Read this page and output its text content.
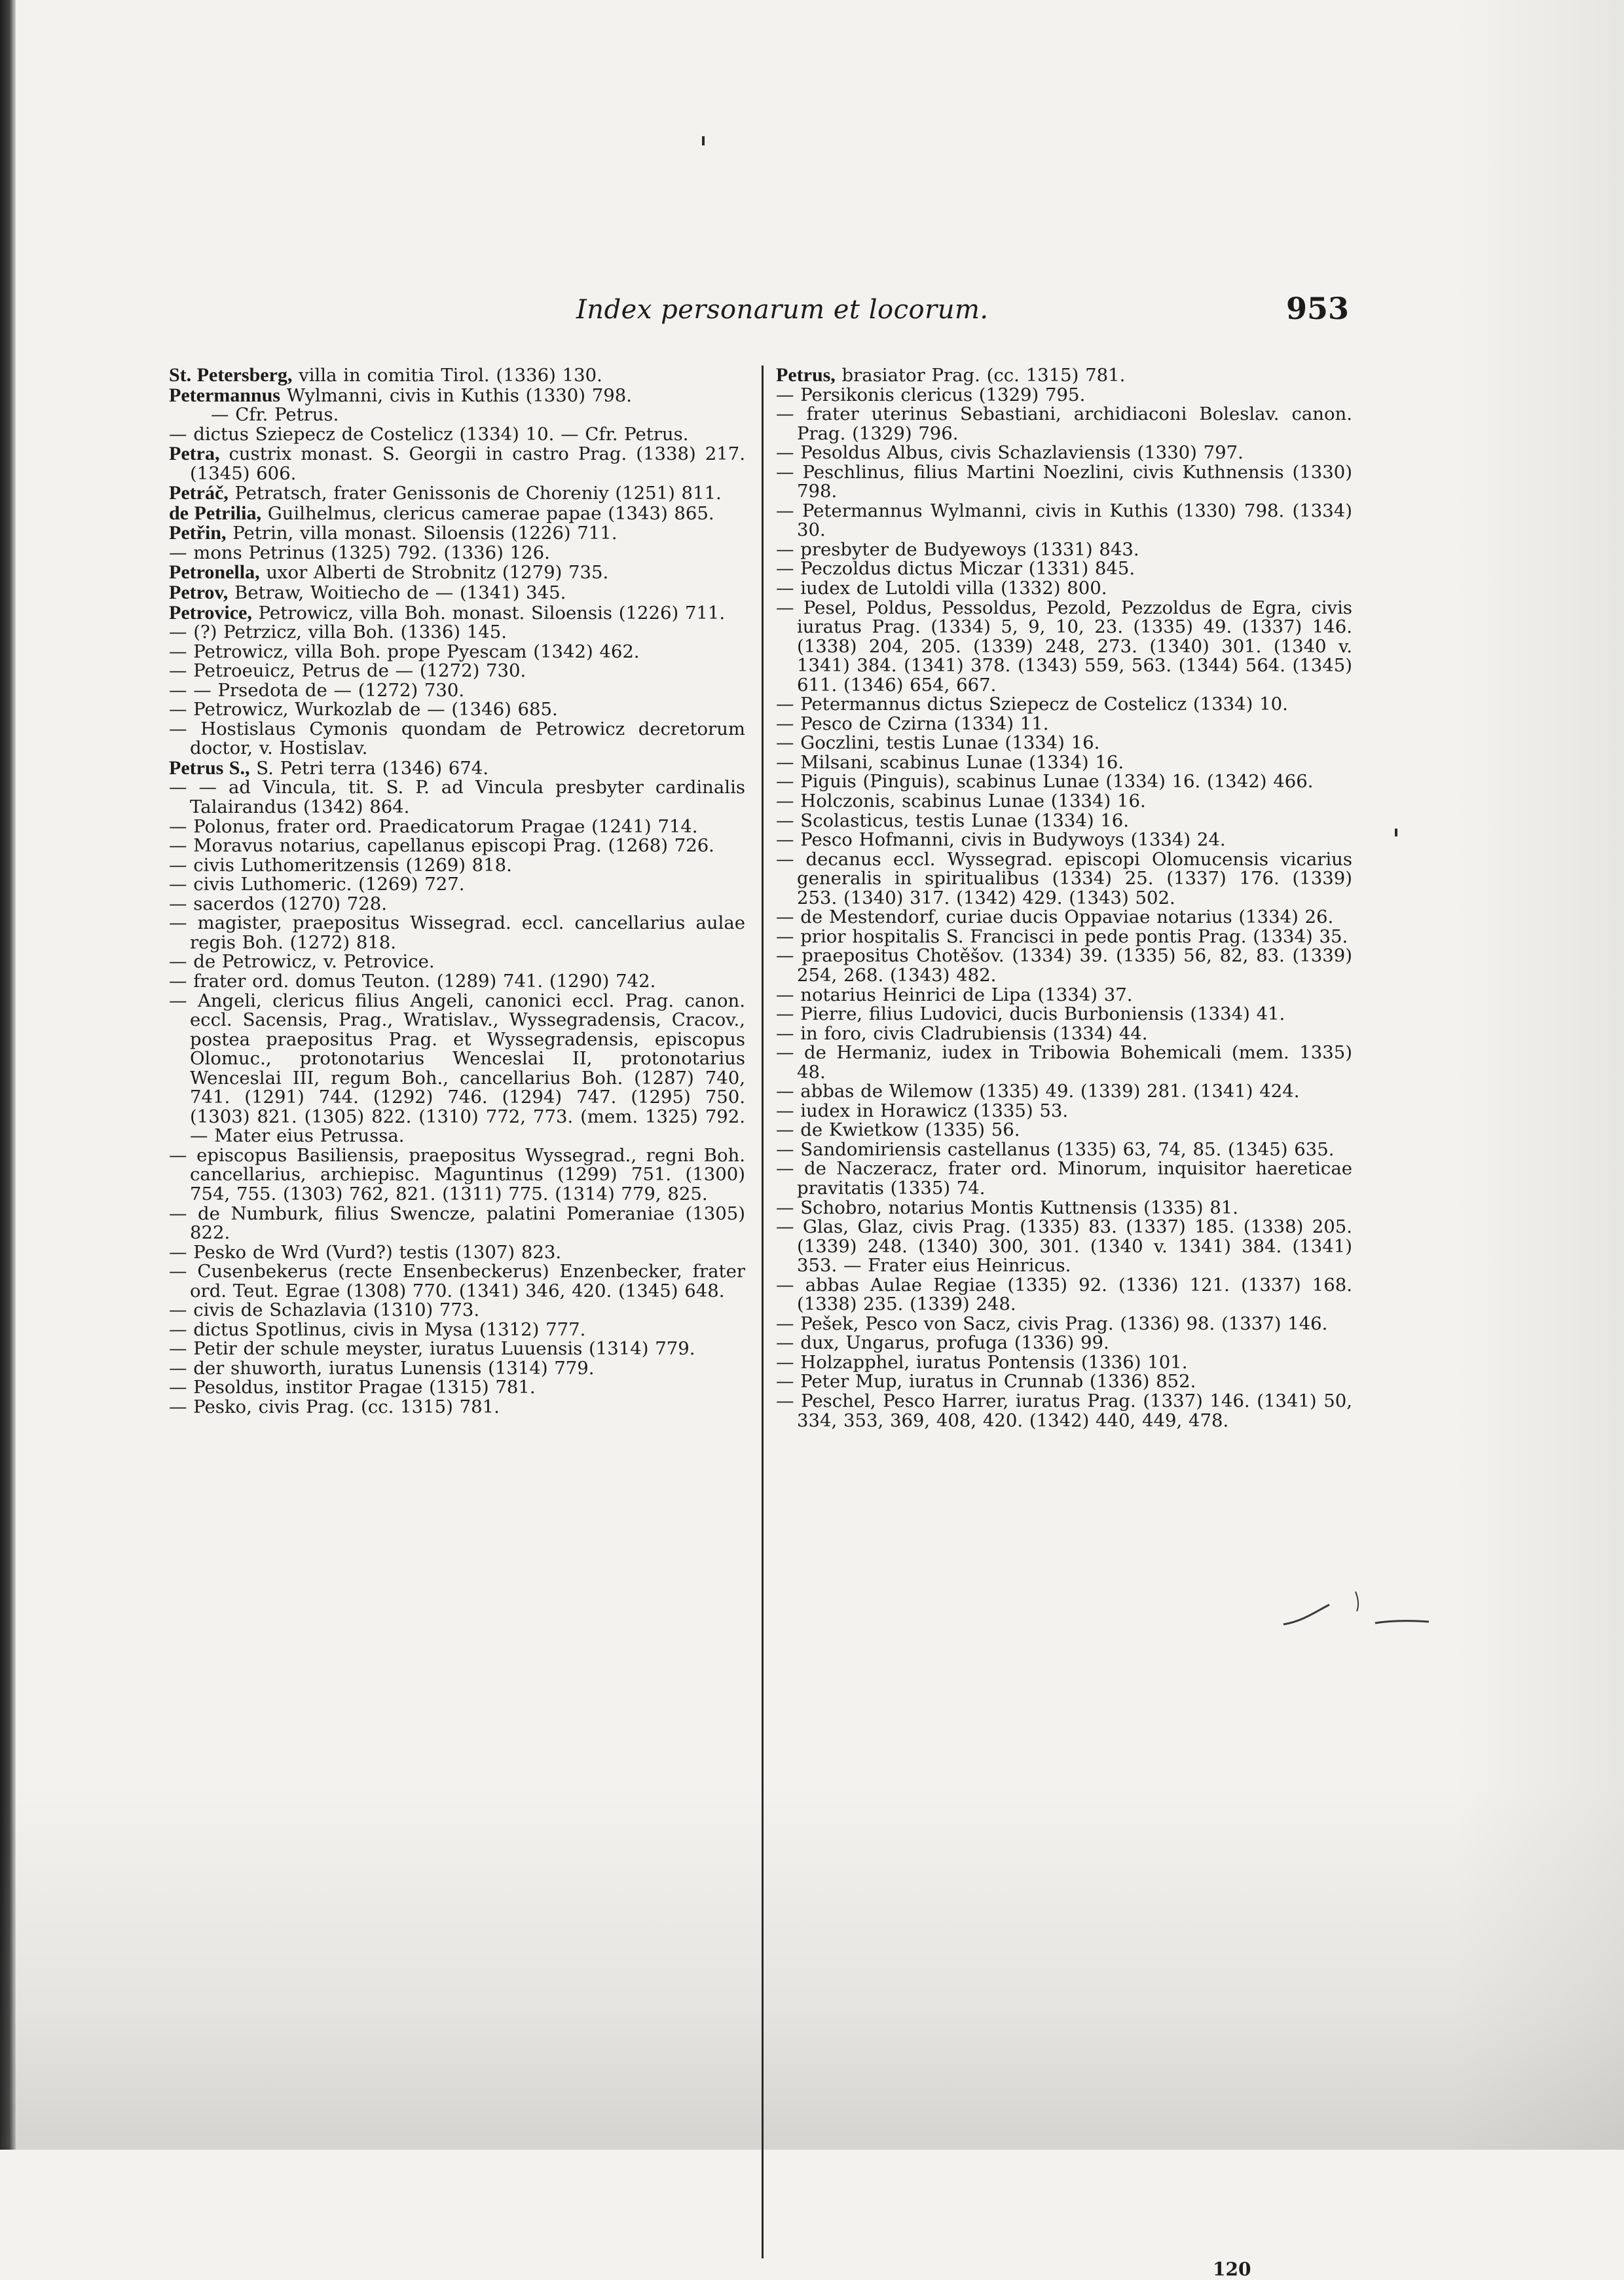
Index personarum et locorum.	953

St. Petersberg, villa in comitia Tirol. (1336) 130.

Petermannus Wylmanni, civis in Kuthis (1330) 798.

— Cfr. Petrus.

— dictus Sziepecz de Costelicz (1334) 10. — Cfr. Petrus.

Petra, custrix monast. S. Georgii in castro Prag. (1338) 217. (1345) 606.

Petráč, Petratsch, frater Genissonis de Choreniy (1251) 811.

de Petrilia, Guilhelmus, clericus camerae papae (1343) 865.

Petřin, Petrin, villa monast. Siloensis (1226) 711.

— mons Petrinus (1325) 792. (1336) 126.

Petronella, uxor Alberti de Strobnitz (1279) 735.

Petrov, Betraw, Woitiecho de — (1341) 345.

Petrovice, Petrowicz, villa Boh. monast. Siloensis (1226) 711.

— (?) Petrzicz, villa Boh. (1336) 145.

— Petrowicz, villa Boh. prope Pyescam (1342) 462.

— Petroeuicz, Petrus de — (1272) 730.

— — Prsedota de — (1272) 730.

— Petrowicz, Wurkozlab de — (1346) 685.

— Hostislaus Cymonis quondam de Petrowicz decretorum doctor, v. Hostislav.

Petrus S., S. Petri terra (1346) 674.

— — ad Vincula, tit. S. P. ad Vincula presbyter cardinalis Talairandus (1342) 864.

— Polonus, frater ord. Praedicatorum Pragae (1241) 714.

— Moravus notarius, capellanus episcopi Prag. (1268) 726.

— civis Luthomeritzensis (1269) 818.

— civis Luthomeric. (1269) 727.

— sacerdos (1270) 728.

— magister, praepositus Wissegrad. eccl. cancellarius aulae regis Boh. (1272) 818.

— de Petrowicz, v. Petrovice.

— frater ord. domus Teuton. (1289) 741. (1290) 742.

— Angeli, clericus filius Angeli, canonici eccl. Prag. canon. eccl. Sacensis, Prag., Wratislav., Wyssegradensis, Cracov., postea praepositus Prag. et Wyssegradensis, episcopus Olomuc., protonotarius Wenceslai II, protonotarius Wenceslai III, regum Boh., cancellarius Boh. (1287) 740, 741. (1291) 744. (1292) 746. (1294) 747. (1295) 750. (1303) 821. (1305) 822. (1310) 772, 773. (mem. 1325) 792. — Mater eius Petrussa.

— episcopus Basiliensis, praepositus Wyssegrad., regni Boh. cancellarius, archiepisc. Maguntinus (1299) 751. (1300) 754, 755. (1303) 762, 821. (1311) 775. (1314) 779, 825.

— de Numburk, filius Swencze, palatini Pomeraniae (1305) 822.

— Pesko de Wrd (Vurd?) testis (1307) 823.

— Cusenbekerus (recte Ensenbeckerus) Enzenbecker, frater ord. Teut. Egrae (1308) 770. (1341) 346, 420. (1345) 648.

— civis de Schazlavia (1310) 773.

— dictus Spotlinus, civis in Mysa (1312) 777.

— Petir der schule meyster, iuratus Luuensis (1314) 779.

— der shuworth, iuratus Lunensis (1314) 779.

— Pesoldus, institor Pragae (1315) 781.

— Pesko, civis Prag. (cc. 1315) 781.

Petrus, brasiator Prag. (cc. 1315) 781.

— Persikonis clericus (1329) 795.

— frater uterinus Sebastiani, archidiaconi Boleslav. canon. Prag. (1329) 796.

— Pesoldus Albus, civis Schazlaviensis (1330) 797.

— Peschlinus, filius Martini Noezlini, civis Kuthnensis (1330) 798.

— Petermannus Wylmanni, civis in Kuthis (1330) 798. (1334) 30.

— presbyter de Budyewoys (1331) 843.

— Peczoldus dictus Miczar (1331) 845.

— iudex de Lutoldi villa (1332) 800.

— Pesel, Poldus, Pessoldus, Pezold, Pezzoldus de Egra, civis iuratus Prag. (1334) 5, 9, 10, 23. (1335) 49. (1337) 146. (1338) 204, 205. (1339) 248, 273. (1340) 301. (1340 v. 1341) 384. (1341) 378. (1343) 559, 563. (1344) 564. (1345) 611. (1346) 654, 667.

— Petermannus dictus Sziepecz de Costelicz (1334) 10.

— Pesco de Czirna (1334) 11.

— Goczlini, testis Lunae (1334) 16.

— Milsani, scabinus Lunae (1334) 16.

— Piguis (Pinguis), scabinus Lunae (1334) 16. (1342) 466.

— Holczonis, scabinus Lunae (1334) 16.

— Scolasticus, testis Lunae (1334) 16.

— Pesco Hofmanni, civis in Budywoys (1334) 24.

— decanus eccl. Wyssegrad. episcopi Olomucensis vicarius generalis in spiritualibus (1334) 25. (1337) 176. (1339) 253. (1340) 317. (1342) 429. (1343) 502.

— de Mestendorf, curiae ducis Oppaviae notarius (1334) 26.

— prior hospitalis S. Francisci in pede pontis Prag. (1334) 35.

— praepositus Chotěšov. (1334) 39. (1335) 56, 82, 83. (1339) 254, 268. (1343) 482.

— notarius Heinrici de Lipa (1334) 37.

— Pierre, filius Ludovici, ducis Burboniensis (1334) 41.

— in foro, civis Cladrubiensis (1334) 44.

— de Hermaniz, iudex in Tribowia Bohemicali (mem. 1335) 48.

— abbas de Wilemow (1335) 49. (1339) 281. (1341) 424.

— iudex in Horawicz (1335) 53.

— de Kwietkow (1335) 56.

— Sandomiriensis castellanus (1335) 63, 74, 85. (1345) 635.

— de Naczeracz, frater ord. Minorum, inquisitor haereticae pravitatis (1335) 74.

— Schobro, notarius Montis Kuttnensis (1335) 81.

— Glas, Glaz, civis Prag. (1335) 83. (1337) 185. (1338) 205. (1339) 248. (1340) 300, 301. (1340 v. 1341) 384. (1341) 353. — Frater eius Heinricus.

— abbas Aulae Regiae (1335) 92. (1336) 121. (1337) 168. (1338) 235. (1339) 248.

— Pešek, Pesco von Sacz, civis Prag. (1336) 98. (1337) 146.

— dux, Ungarus, profuga (1336) 99.

— Holzapphel, iuratus Pontensis (1336) 101.

— Peter Mup, iuratus in Crunnab (1336) 852.

— Peschel, Pesco Harrer, iuratus Prag. (1337) 146. (1341) 50, 334, 353, 369, 408, 420. (1342) 440, 449, 478.

120
